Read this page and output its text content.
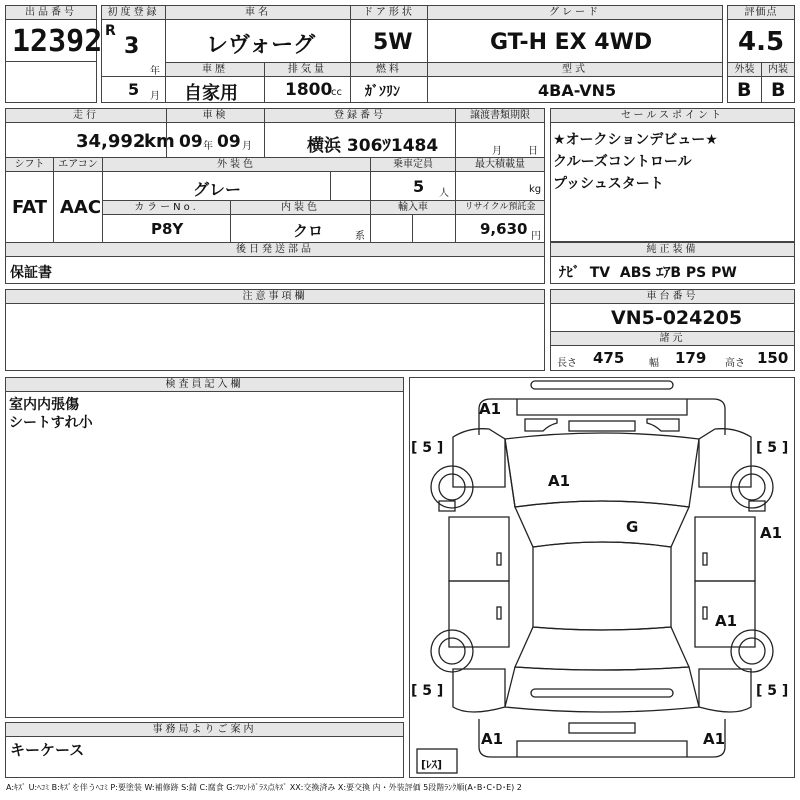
出品番号
12392
初度登録
R
3
年
5 月
車名
レヴォーグ
ドア形状
5W
グレード
GT-H EX 4WD
評価点
4.5
車歴
自家用
排気量
1800
cc
燃料
ｶﾞｿﾘﾝ
型式
4BA-VN5
外装	内装
B B
走行
34,992
km
車検
09 年 09 月
登録番号
横浜 306ﾂ1484
譲渡書類期限
月	日
セールスポイント
★オークションデビュー★
クルーズコントロール
プッシュスタート
シフト
FAT
エアコン
AAC
外装色
グレー
乗車定員
5 人
最大積載量
kg
カラーNo.
P8Y
内装色
クロ	系
輸入車	リサイクル預託金
9,630 円
後日発送部品
保証書
純正装備
ﾅﾋﾞ  TV  ABS ｴｱB PS PW
注意事項欄	車台番号
VN5-024205
諸元
長さ 475 幅 179 高さ 150
検査員記入欄
室内内張傷
シートすれ小
事務局よりご案内
キーケース
A1
A1
G	A1
A1
A1	A1
[ 5 ]	[ 5 ]
[ 5 ]	[ 5 ]
[ﾚｽ]
A:ｷｽﾞ U:ﾍｺﾐ B:ｷｽﾞを伴うﾍｺﾐ P:要塗装 W:補修跡 S:錆 C:腐食 G:ﾌﾛﾝﾄｶﾞﾗｽ点ｷｽﾞ XX:交換済み X:要交換 内・外装評価 5段階ﾗﾝｸ順(A･B･C･D･E) 2
